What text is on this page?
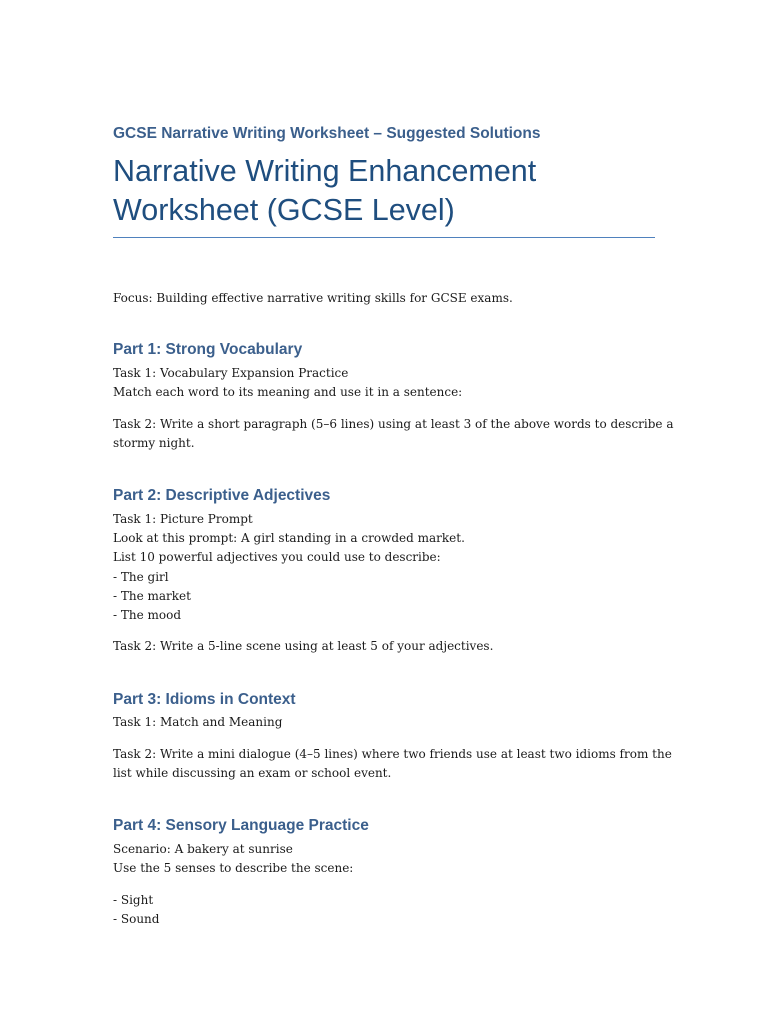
GCSE Narrative Writing Worksheet – Suggested Solutions
Narrative Writing Enhancement Worksheet (GCSE Level)

Focus: Building effective narrative writing skills for GCSE exams.

Part 1: Strong Vocabulary

Task 1: Vocabulary Expansion Practice
Match each word to its meaning and use it in a sentence:

Task 2: Write a short paragraph (5–6 lines) using at least 3 of the above words to describe a
stormy night.

Part 2: Descriptive Adjectives

Task 1: Picture Prompt
Look at this prompt: A girl standing in a crowded market.
List 10 powerful adjectives you could use to describe:
- The girl
- The market
- The mood

Task 2: Write a 5-line scene using at least 5 of your adjectives.

Part 3: Idioms in Context

Task 1: Match and Meaning

Task 2: Write a mini dialogue (4–5 lines) where two friends use at least two idioms from the
list while discussing an exam or school event.

Part 4: Sensory Language Practice

Scenario: A bakery at sunrise
Use the 5 senses to describe the scene:

- Sight
- Sound
